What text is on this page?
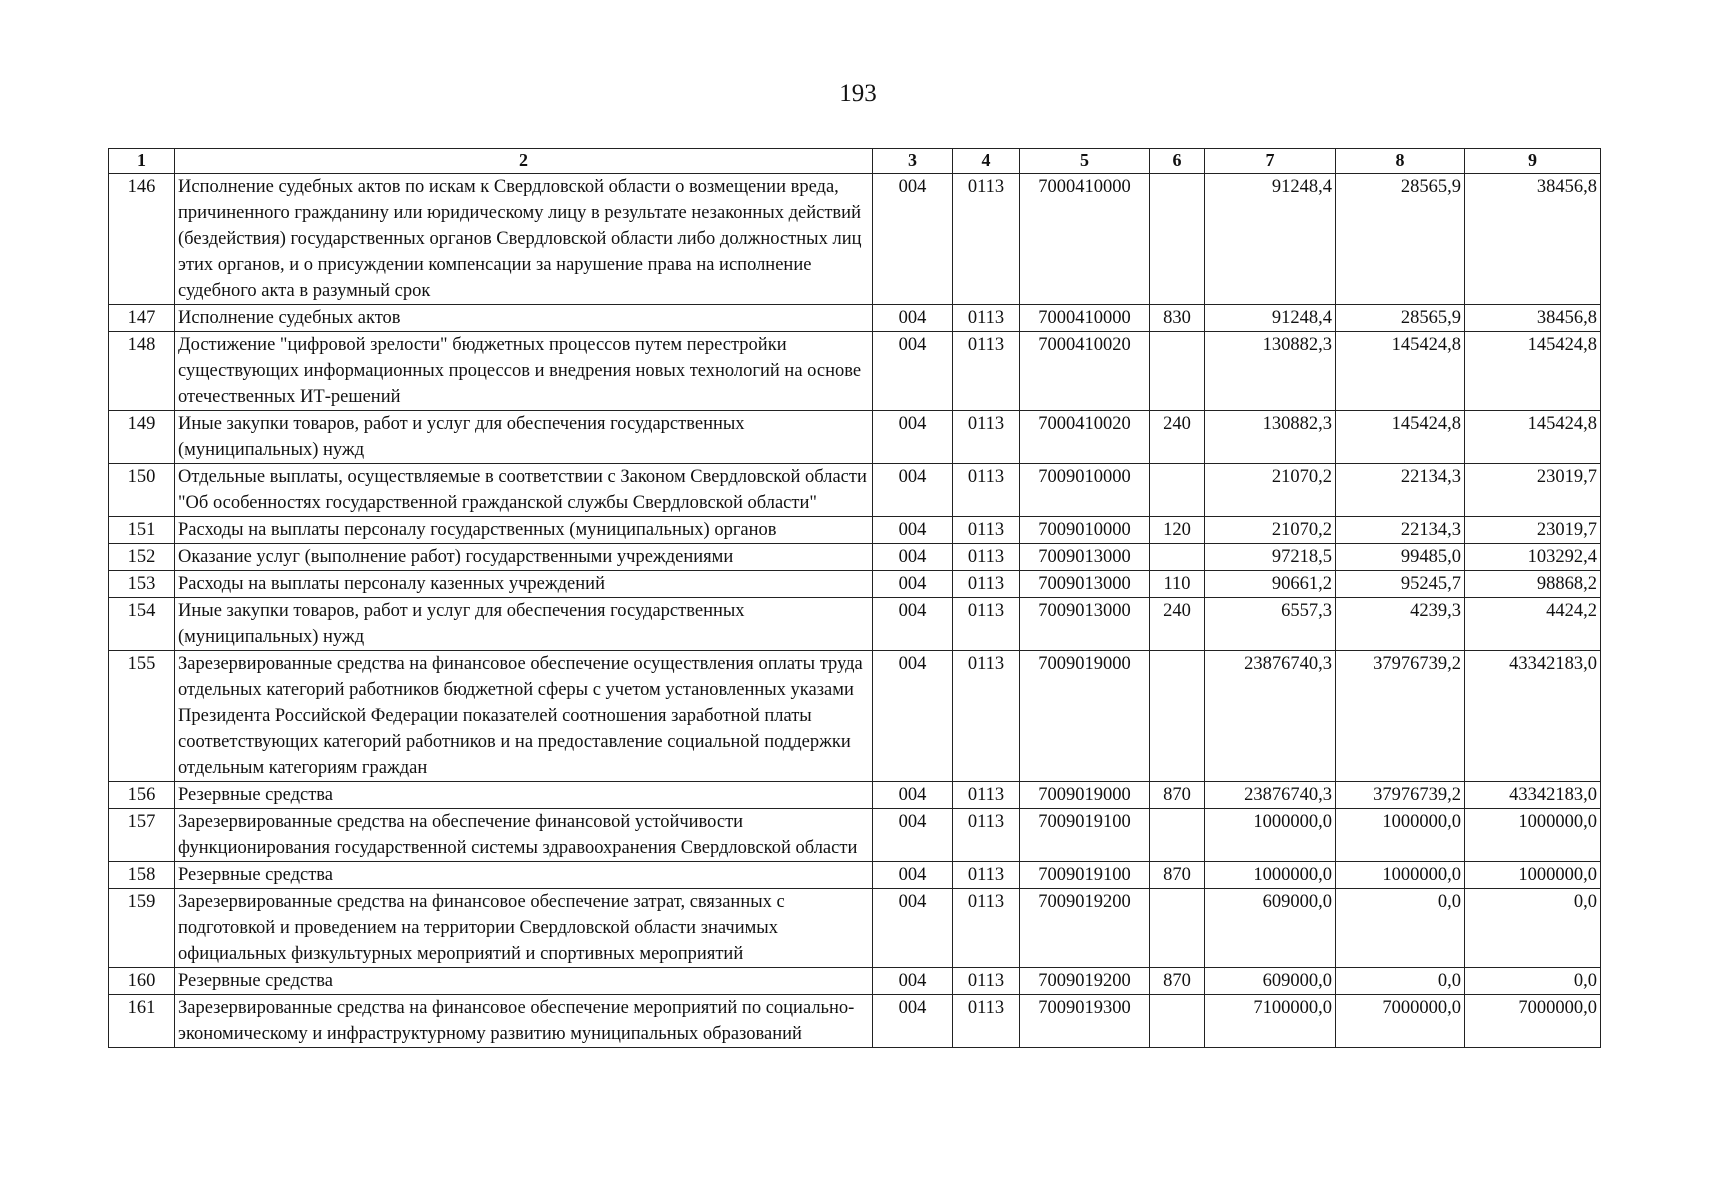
193
1	2	3	4	5	6	7	8	9
146	Исполнение судебных актов по искам к Свердловской области о возмещении вреда, причиненного гражданину или юридическому лицу в результате незаконных действий (бездействия) государственных органов Свердловской области либо должностных лиц этих органов, и о присуждении компенсации за нарушение права на исполнение судебного акта в разумный срок	004	0113	7000410000		91248,4	28565,9	38456,8
147	Исполнение судебных актов	004	0113	7000410000	830	91248,4	28565,9	38456,8
148	Достижение "цифровой зрелости" бюджетных процессов путем перестройки существующих информационных процессов и внедрения новых технологий на основе отечественных ИТ-решений	004	0113	7000410020		130882,3	145424,8	145424,8
149	Иные закупки товаров, работ и услуг для обеспечения государственных (муниципальных) нужд	004	0113	7000410020	240	130882,3	145424,8	145424,8
150	Отдельные выплаты, осуществляемые в соответствии с Законом Свердловской области "Об особенностях государственной гражданской службы Свердловской области"	004	0113	7009010000		21070,2	22134,3	23019,7
151	Расходы на выплаты персоналу государственных (муниципальных) органов	004	0113	7009010000	120	21070,2	22134,3	23019,7
152	Оказание услуг (выполнение работ) государственными учреждениями	004	0113	7009013000		97218,5	99485,0	103292,4
153	Расходы на выплаты персоналу казенных учреждений	004	0113	7009013000	110	90661,2	95245,7	98868,2
154	Иные закупки товаров, работ и услуг для обеспечения государственных (муниципальных) нужд	004	0113	7009013000	240	6557,3	4239,3	4424,2
155	Зарезервированные средства на финансовое обеспечение осуществления оплаты труда отдельных категорий работников бюджетной сферы с учетом установленных указами Президента Российской Федерации показателей соотношения заработной платы соответствующих категорий работников и на предоставление социальной поддержки отдельным категориям граждан	004	0113	7009019000		23876740,3	37976739,2	43342183,0
156	Резервные средства	004	0113	7009019000	870	23876740,3	37976739,2	43342183,0
157	Зарезервированные средства на обеспечение финансовой устойчивости функционирования государственной системы здравоохранения Свердловской области	004	0113	7009019100		1000000,0	1000000,0	1000000,0
158	Резервные средства	004	0113	7009019100	870	1000000,0	1000000,0	1000000,0
159	Зарезервированные средства на финансовое обеспечение затрат, связанных с подготовкой и проведением на территории Свердловской области значимых официальных физкультурных мероприятий и спортивных мероприятий	004	0113	7009019200		609000,0	0,0	0,0
160	Резервные средства	004	0113	7009019200	870	609000,0	0,0	0,0
161	Зарезервированные средства на финансовое обеспечение мероприятий по социально-экономическому и инфраструктурному развитию муниципальных образований	004	0113	7009019300		7100000,0	7000000,0	7000000,0
